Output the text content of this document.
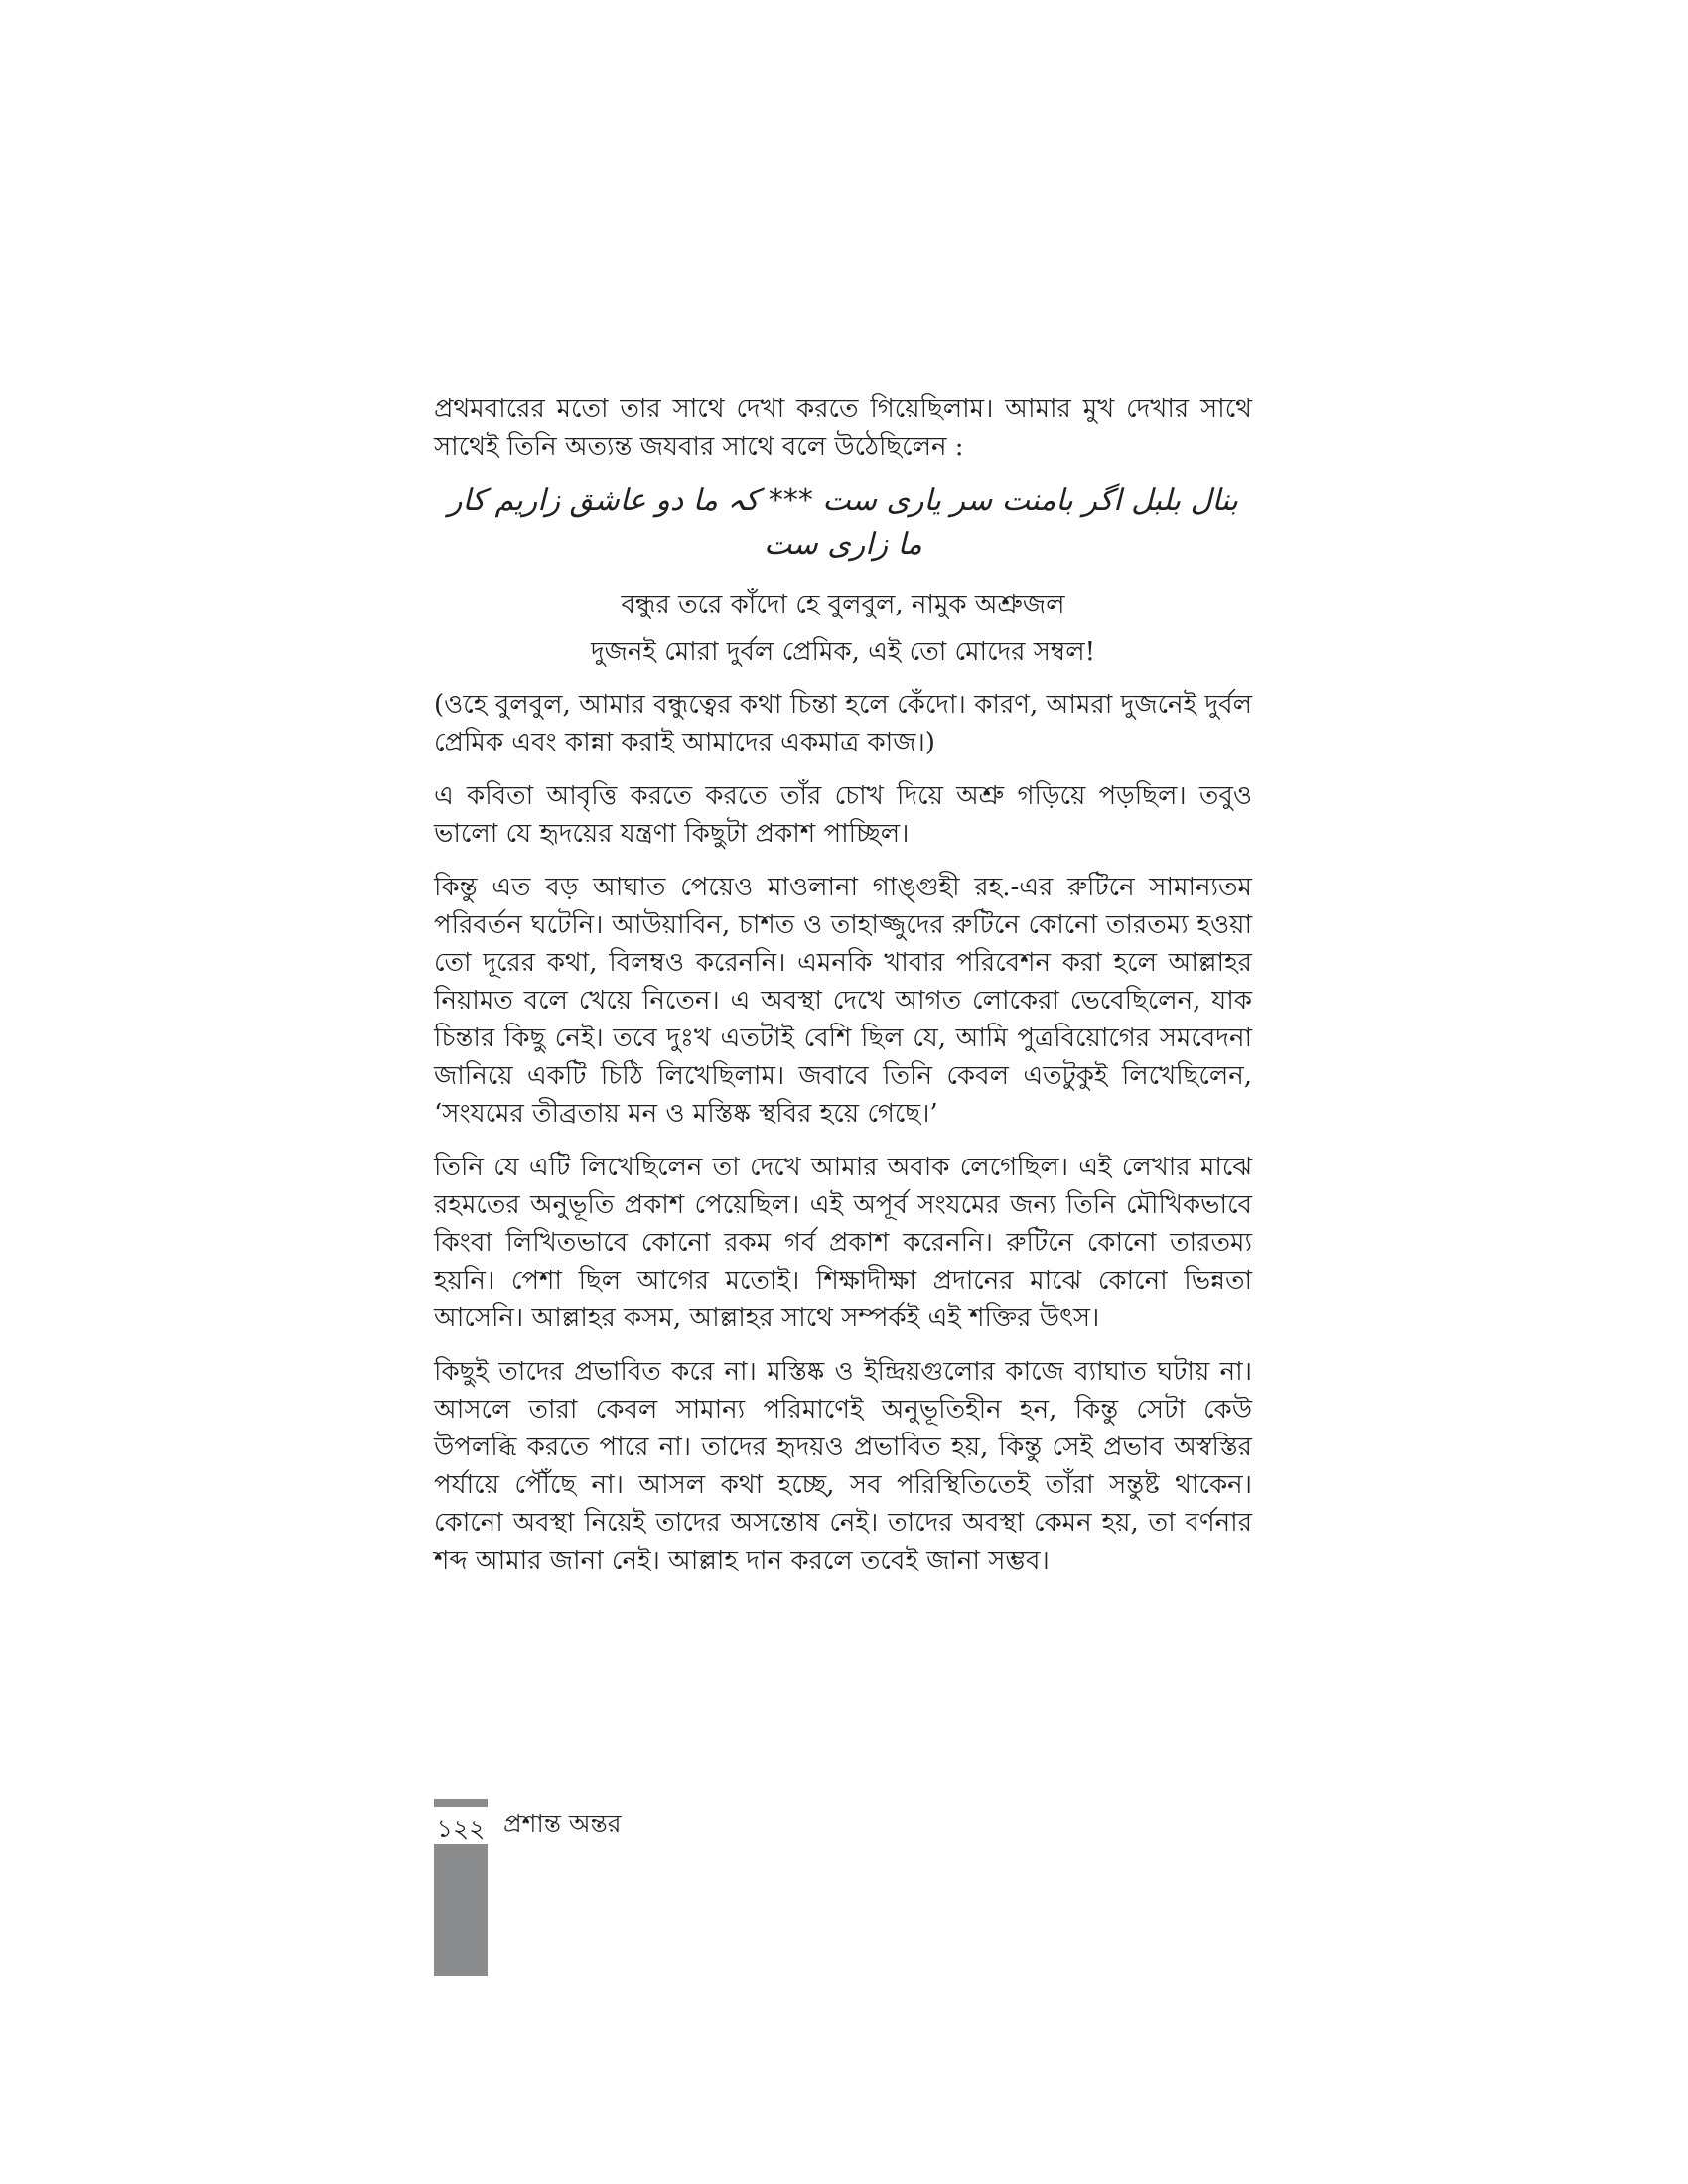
প্রথমবারের মতো তার সাথে দেখা করতে গিয়েছিলাম। আমার মুখ দেখার সাথে সাথেই তিনি অত্যন্ত জযবার সাথে বলে উঠেছিলেন :

بنال بلبل اگر بامنت سر یاری ست *** کہ ما دو عاشق زاریم کار ما زاری ست

বন্ধুর তরে কাঁদো হে বুলবুল, নামুক অশ্রুজল

দুজনই মোরা দুর্বল প্রেমিক, এই তো মোদের সম্বল!

(ওহে বুলবুল, আমার বন্ধুত্বের কথা চিন্তা হলে কেঁদো। কারণ, আমরা দুজনেই দুর্বল প্রেমিক এবং কান্না করাই আমাদের একমাত্র কাজ।)

এ কবিতা আবৃত্তি করতে করতে তাঁর চোখ দিয়ে অশ্রু গড়িয়ে পড়ছিল। তবুও ভালো যে হৃদয়ের যন্ত্রণা কিছুটা প্রকাশ পাচ্ছিল।

কিন্তু এত বড় আঘাত পেয়েও মাওলানা গাঙ্গুহী রহ.-এর রুটিনে সামান্যতম পরিবর্তন ঘটেনি। আউয়াবিন, চাশত ও তাহাজ্জুদের রুটিনে কোনো তারতম্য হওয়া তো দূরের কথা, বিলম্বও করেননি। এমনকি খাবার পরিবেশন করা হলে আল্লাহর নিয়ামত বলে খেয়ে নিতেন। এ অবস্থা দেখে আগত লোকেরা ভেবেছিলেন, যাক চিন্তার কিছু নেই। তবে দুঃখ এতটাই বেশি ছিল যে, আমি পুত্রবিয়োগের সমবেদনা জানিয়ে একটি চিঠি লিখেছিলাম। জবাবে তিনি কেবল এতটুকুই লিখেছিলেন, ‘সংযমের তীব্রতায় মন ও মস্তিষ্ক স্থবির হয়ে গেছে।’

তিনি যে এটি লিখেছিলেন তা দেখে আমার অবাক লেগেছিল। এই লেখার মাঝে রহমতের অনুভূতি প্রকাশ পেয়েছিল। এই অপূর্ব সংযমের জন্য তিনি মৌখিকভাবে কিংবা লিখিতভাবে কোনো রকম গর্ব প্রকাশ করেননি। রুটিনে কোনো তারতম্য হয়নি। পেশা ছিল আগের মতোই। শিক্ষাদীক্ষা প্রদানের মাঝে কোনো ভিন্নতা আসেনি। আল্লাহর কসম, আল্লাহর সাথে সম্পর্কই এই শক্তির উৎস।

কিছুই তাদের প্রভাবিত করে না। মস্তিষ্ক ও ইন্দ্রিয়গুলোর কাজে ব্যাঘাত ঘটায় না। আসলে তারা কেবল সামান্য পরিমাণেই অনুভূতিহীন হন, কিন্তু সেটা কেউ উপলব্ধি করতে পারে না। তাদের হৃদয়ও প্রভাবিত হয়, কিন্তু সেই প্রভাব অস্বস্তির পর্যায়ে পৌঁছে না। আসল কথা হচ্ছে, সব পরিস্থিতিতেই তাঁরা সন্তুষ্ট থাকেন। কোনো অবস্থা নিয়েই তাদের অসন্তোষ নেই। তাদের অবস্থা কেমন হয়, তা বর্ণনার শব্দ আমার জানা নেই। আল্লাহ দান করলে তবেই জানা সম্ভব।

১২২ প্রশান্ত অন্তর
